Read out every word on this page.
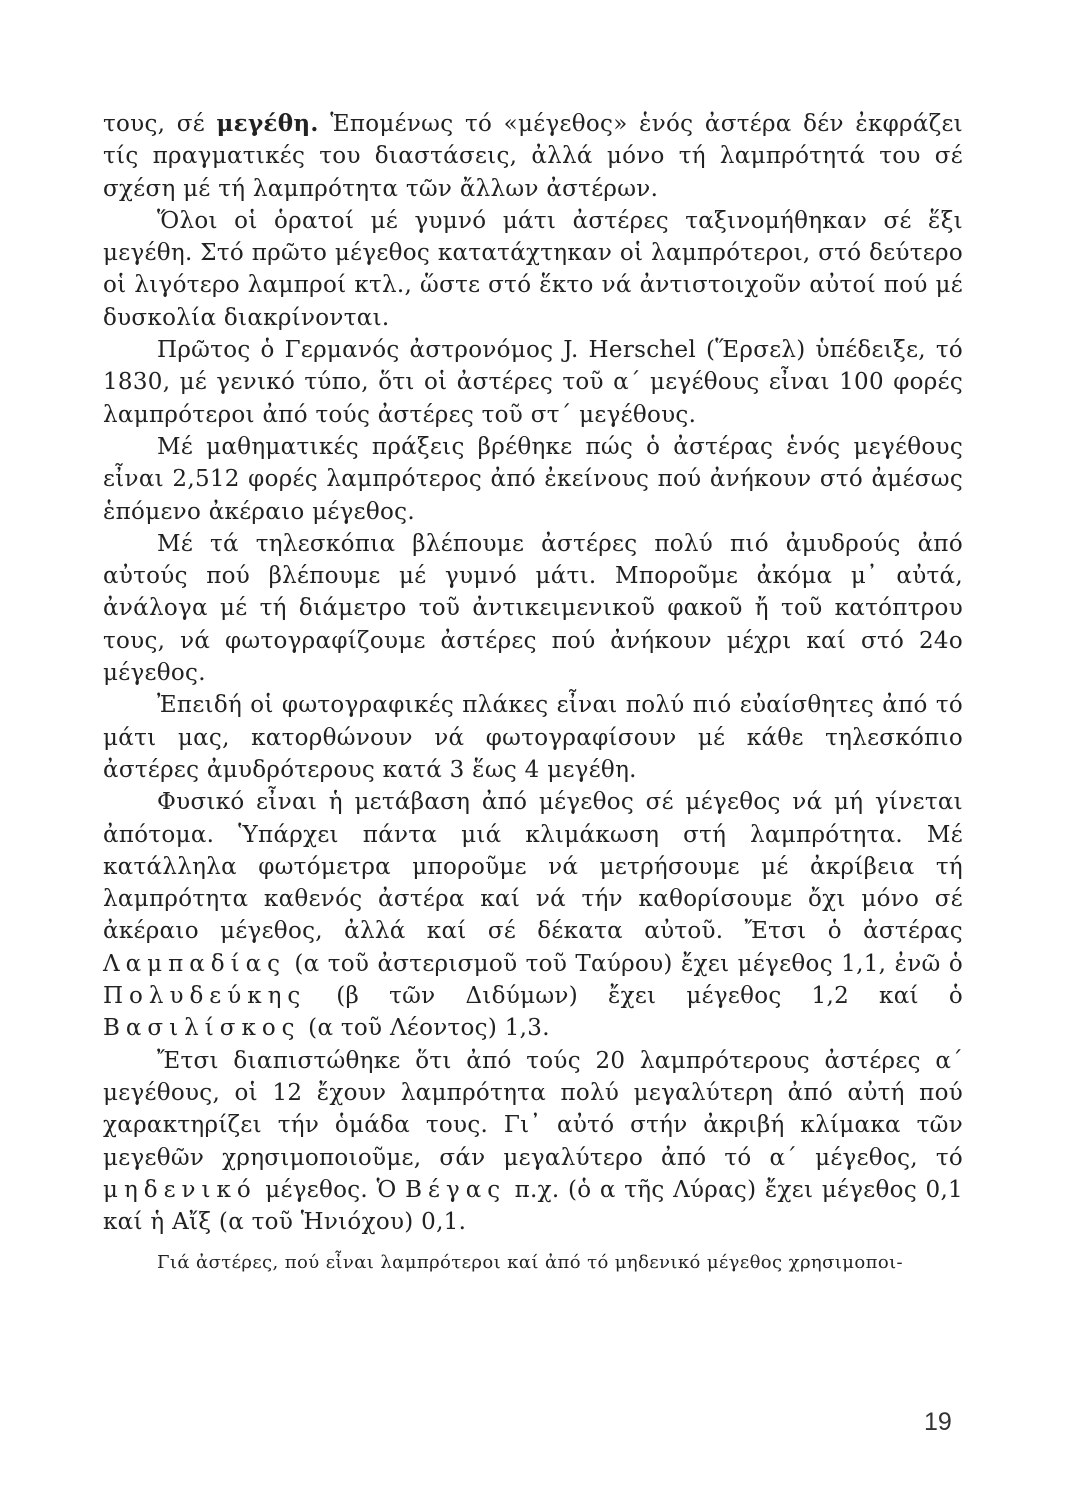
τους, σέ μεγέθη. Ἑπομένως τό «μέγεθος» ἑνός ἀστέρα δέν ἐκφράζει τίς πραγματικές του διαστάσεις, ἀλλά μόνο τή λαμπρότητά του σέ σχέση μέ τή λαμπρότητα τῶν ἄλλων ἀστέρων.

Ὅλοι οἱ ὁρατοί μέ γυμνό μάτι ἀστέρες ταξινομήθηκαν σέ ἕξι μεγέθη. Στό πρῶτο μέγεθος κατατάχτηκαν οἱ λαμπρότεροι, στό δεύτερο οἱ λιγότερο λαμπροί κτλ., ὥστε στό ἕκτο νά ἀντιστοιχοῦν αὐτοί πού μέ δυσκολία διακρίνονται.

Πρῶτος ὁ Γερμανός ἀστρονόμος J. Herschel (Ἕρσελ) ὑπέδειξε, τό 1830, μέ γενικό τύπο, ὅτι οἱ ἀστέρες τοῦ α΄ μεγέθους εἶναι 100 φορές λαμπρότεροι ἀπό τούς ἀστέρες τοῦ στ΄ μεγέθους.

Μέ μαθηματικές πράξεις βρέθηκε πώς ὁ ἀστέρας ἑνός μεγέθους εἶναι 2,512 φορές λαμπρότερος ἀπό ἐκείνους πού ἀνήκουν στό ἀμέσως ἑπόμενο ἀκέραιο μέγεθος.

Μέ τά τηλεσκόπια βλέπουμε ἀστέρες πολύ πιό ἀμυδρούς ἀπό αὐτούς πού βλέπουμε μέ γυμνό μάτι. Μποροῦμε ἀκόμα μ᾿ αὐτά, ἀνάλογα μέ τή διάμετρο τοῦ ἀντικειμενικοῦ φακοῦ ἤ τοῦ κατόπτρου τους, νά φωτογραφίζουμε ἀστέρες πού ἀνήκουν μέχρι καί στό 24ο μέγεθος.

Ἐπειδή οἱ φωτογραφικές πλάκες εἶναι πολύ πιό εὐαίσθητες ἀπό τό μάτι μας, κατορθώνουν νά φωτογραφίσουν μέ κάθε τηλεσκόπιο ἀστέρες ἀμυδρότερους κατά 3 ἕως 4 μεγέθη.

Φυσικό εἶναι ἡ μετάβαση ἀπό μέγεθος σέ μέγεθος νά μή γίνεται ἀπότομα. Ὑπάρχει πάντα μιά κλιμάκωση στή λαμπρότητα. Μέ κατάλληλα φωτόμετρα μποροῦμε νά μετρήσουμε μέ ἀκρίβεια τή λαμπρότητα καθενός ἀστέρα καί νά τήν καθορίσουμε ὄχι μόνο σέ ἀκέραιο μέγεθος, ἀλλά καί σέ δέκατα αὐτοῦ. Ἔτσι ὁ ἀστέρας Λαμπαδίας (α τοῦ ἀστερισμοῦ τοῦ Ταύρου) ἔχει μέγεθος 1,1, ἐνῶ ὁ Πολυδεύκης (β τῶν Διδύμων) ἔχει μέγεθος 1,2 καί ὁ Βασιλίσκος (α τοῦ Λέοντος) 1,3.

Ἔτσι διαπιστώθηκε ὅτι ἀπό τούς 20 λαμπρότερους ἀστέρες α΄ μεγέθους, οἱ 12 ἔχουν λαμπρότητα πολύ μεγαλύτερη ἀπό αὐτή πού χαρακτηρίζει τήν ὁμάδα τους. Γι᾿ αὐτό στήν ἀκριβή κλίμακα τῶν μεγεθῶν χρησιμοποιοῦμε, σάν μεγαλύτερο ἀπό τό α΄ μέγεθος, τό μηδενικό μέγεθος. Ὁ Βέγας π.χ. (ὁ α τῆς Λύρας) ἔχει μέγεθος 0,1 καί ἡ Αἴξ (α τοῦ Ἡνιόχου) 0,1.

Γιά ἀστέρες, πού εἶναι λαμπρότεροι καί ἀπό τό μηδενικό μέγεθος χρησιμοποι-

19
